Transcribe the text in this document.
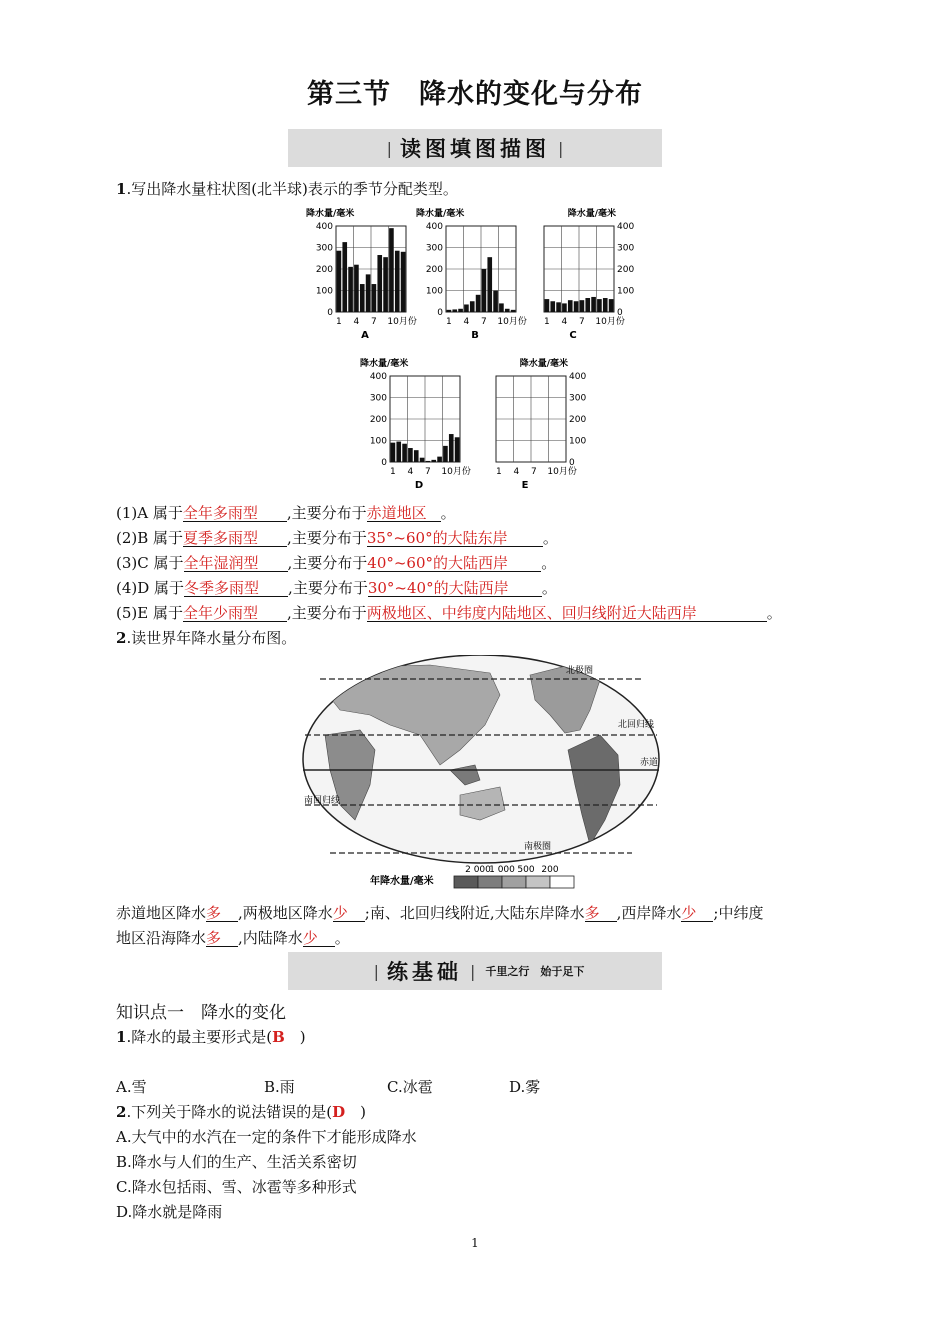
第三节　降水的变化与分布
| 读图填图描图 |
1.写出降水量柱状图(北半球)表示的季节分配类型。
400
300
200
100
0
降水量/毫米
1 4 7 10月份
A
400
300
200
100
0
降水量/毫米
1 4 7 10月份
B
400
300
200
100
0
降水量/毫米
1 4 7 10月份
C
400
300
200
100
0
降水量/毫米
1 4 7 10月份
D
400
300
200
100
0
降水量/毫米
1 4 7 10月份
E
(1)A 属于全年多雨型 ,主要分布于赤道地区 。
(2)B 属于夏季多雨型 ,主要分布于35°~60°的大陆东岸 。
(3)C 属于全年湿润型 ,主要分布于40°~60°的大陆西岸 。
(4)D 属于冬季多雨型 ,主要分布于30°~40°的大陆西岸 。
(5)E 属于全年少雨型 ,主要分布于两极地区、中纬度内陆地区、回归线附近大陆西岸	。
2.读世界年降水量分布图。
北极圈
北回归线
赤道
南回归线
南极圈
年降水量/毫米
2 000
1 000 500 200
赤道地区降水多 ,两极地区降水少 ;南、北回归线附近,大陆东岸降水多 ,西岸降水少 ;中纬度
地区沿海降水多 ,内陆降水少 。
| 练基础 | 千里之行　始于足下
知识点一　降水的变化
1.降水的最主要形式是(B　)
A.雪	B.雨	C.冰雹	D.雾
2.下列关于降水的说法错误的是(D　)
A.大气中的水汽在一定的条件下才能形成降水
B.降水与人们的生产、生活关系密切
C.降水包括雨、雪、冰雹等多种形式
D.降水就是降雨
1
